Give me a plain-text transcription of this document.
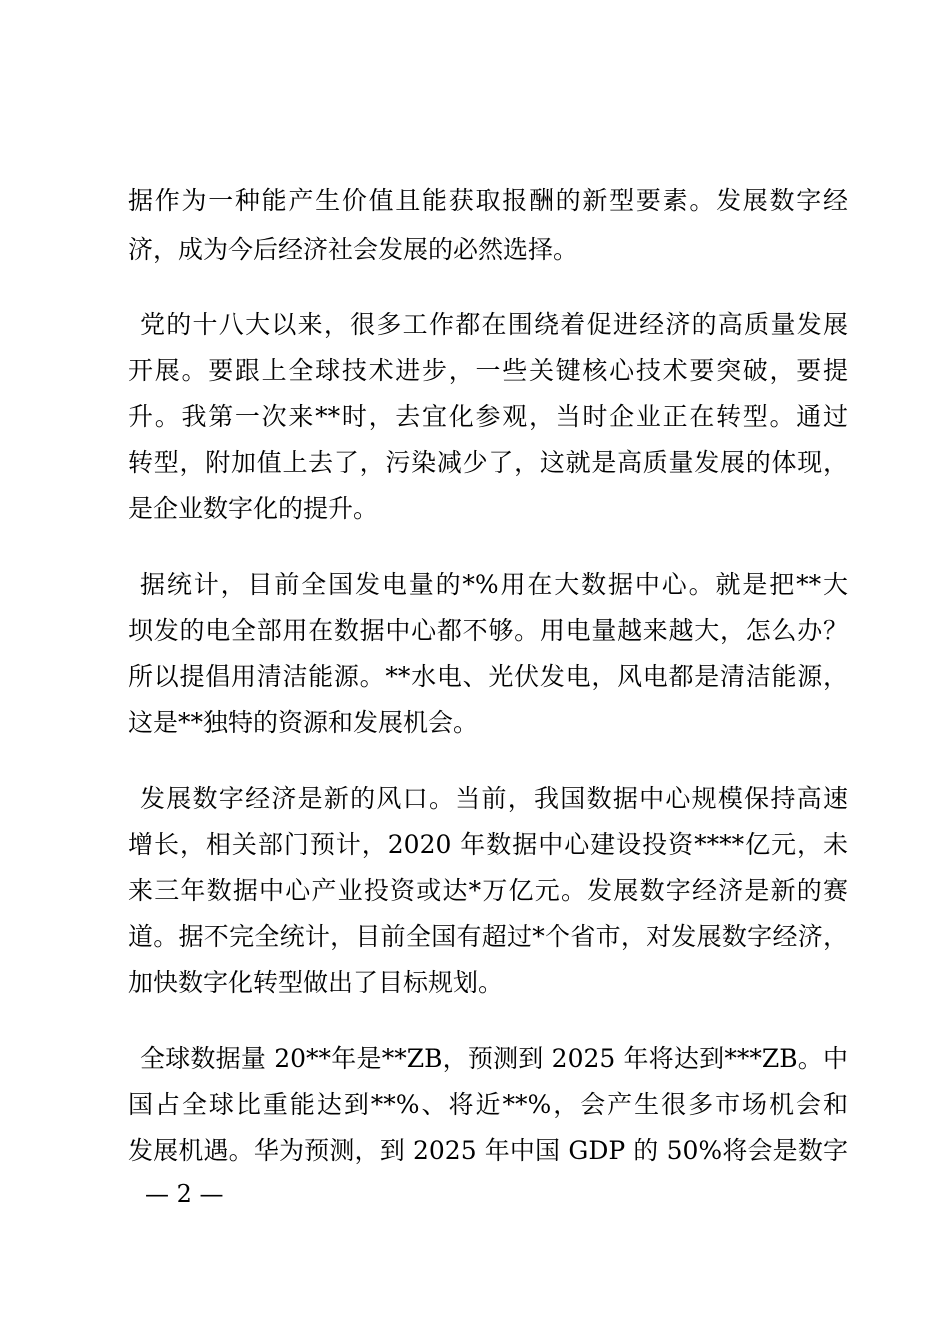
据作为一种能产生价值且能获取报酬的新型要素。发展数字经
济，成为今后经济社会发展的必然选择。
党的十八大以来，很多工作都在围绕着促进经济的高质量发展
开展。要跟上全球技术进步，一些关键核心技术要突破，要提
升。我第一次来**时，去宜化参观，当时企业正在转型。通过
转型，附加值上去了，污染减少了，这就是高质量发展的体现，
是企业数字化的提升。
据统计，目前全国发电量的*%用在大数据中心。就是把**大
坝发的电全部用在数据中心都不够。用电量越来越大，怎么办？
所以提倡用清洁能源。**水电、光伏发电，风电都是清洁能源，
这是**独特的资源和发展机会。
发展数字经济是新的风口。当前，我国数据中心规模保持高速
增长，相关部门预计，2020 年数据中心建设投资****亿元，未
来三年数据中心产业投资或达*万亿元。发展数字经济是新的赛
道。据不完全统计，目前全国有超过*个省市，对发展数字经济，
加快数字化转型做出了目标规划。
全球数据量 20**年是**ZB，预测到 2025 年将达到***ZB。中
国占全球比重能达到**%、将近**%，会产生很多市场机会和
发展机遇。华为预测，到 2025 年中国 GDP 的 50%将会是数字
— 2 —
